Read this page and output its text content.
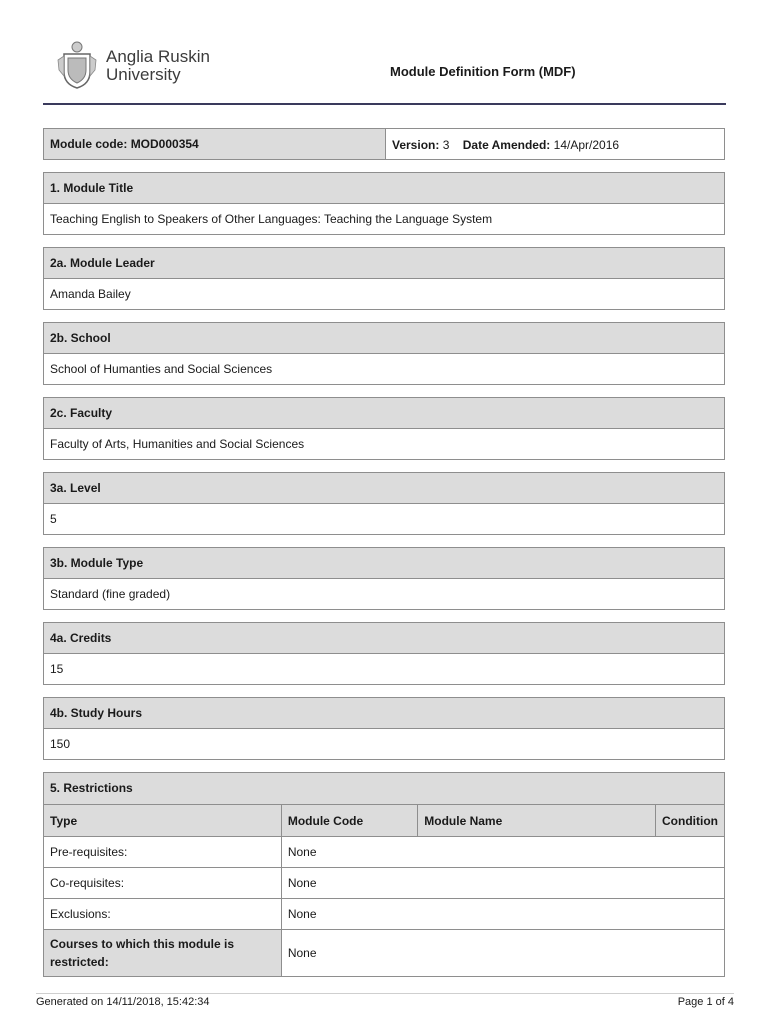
Anglia Ruskin
University	Module Definition Form (MDF)
Module code: MOD000354	Version: 3 Date Amended: 14/Apr/2016
1. Module Title
Teaching English to Speakers of Other Languages: Teaching the Language System
2a. Module Leader
Amanda Bailey
2b. School
School of Humanties and Social Sciences
2c. Faculty
Faculty of Arts, Humanities and Social Sciences
3a. Level
5
3b. Module Type
Standard (fine graded)
4a. Credits
15
4b. Study Hours
150
5. Restrictions
Type	Module Code	Module Name	Condition
Pre-requisites:	None		
Co-requisites:	None		
Exclusions:	None		
Courses to which this module is restricted:	None		
Generated on 14/11/2018, 15:42:34	Page 1 of 4
